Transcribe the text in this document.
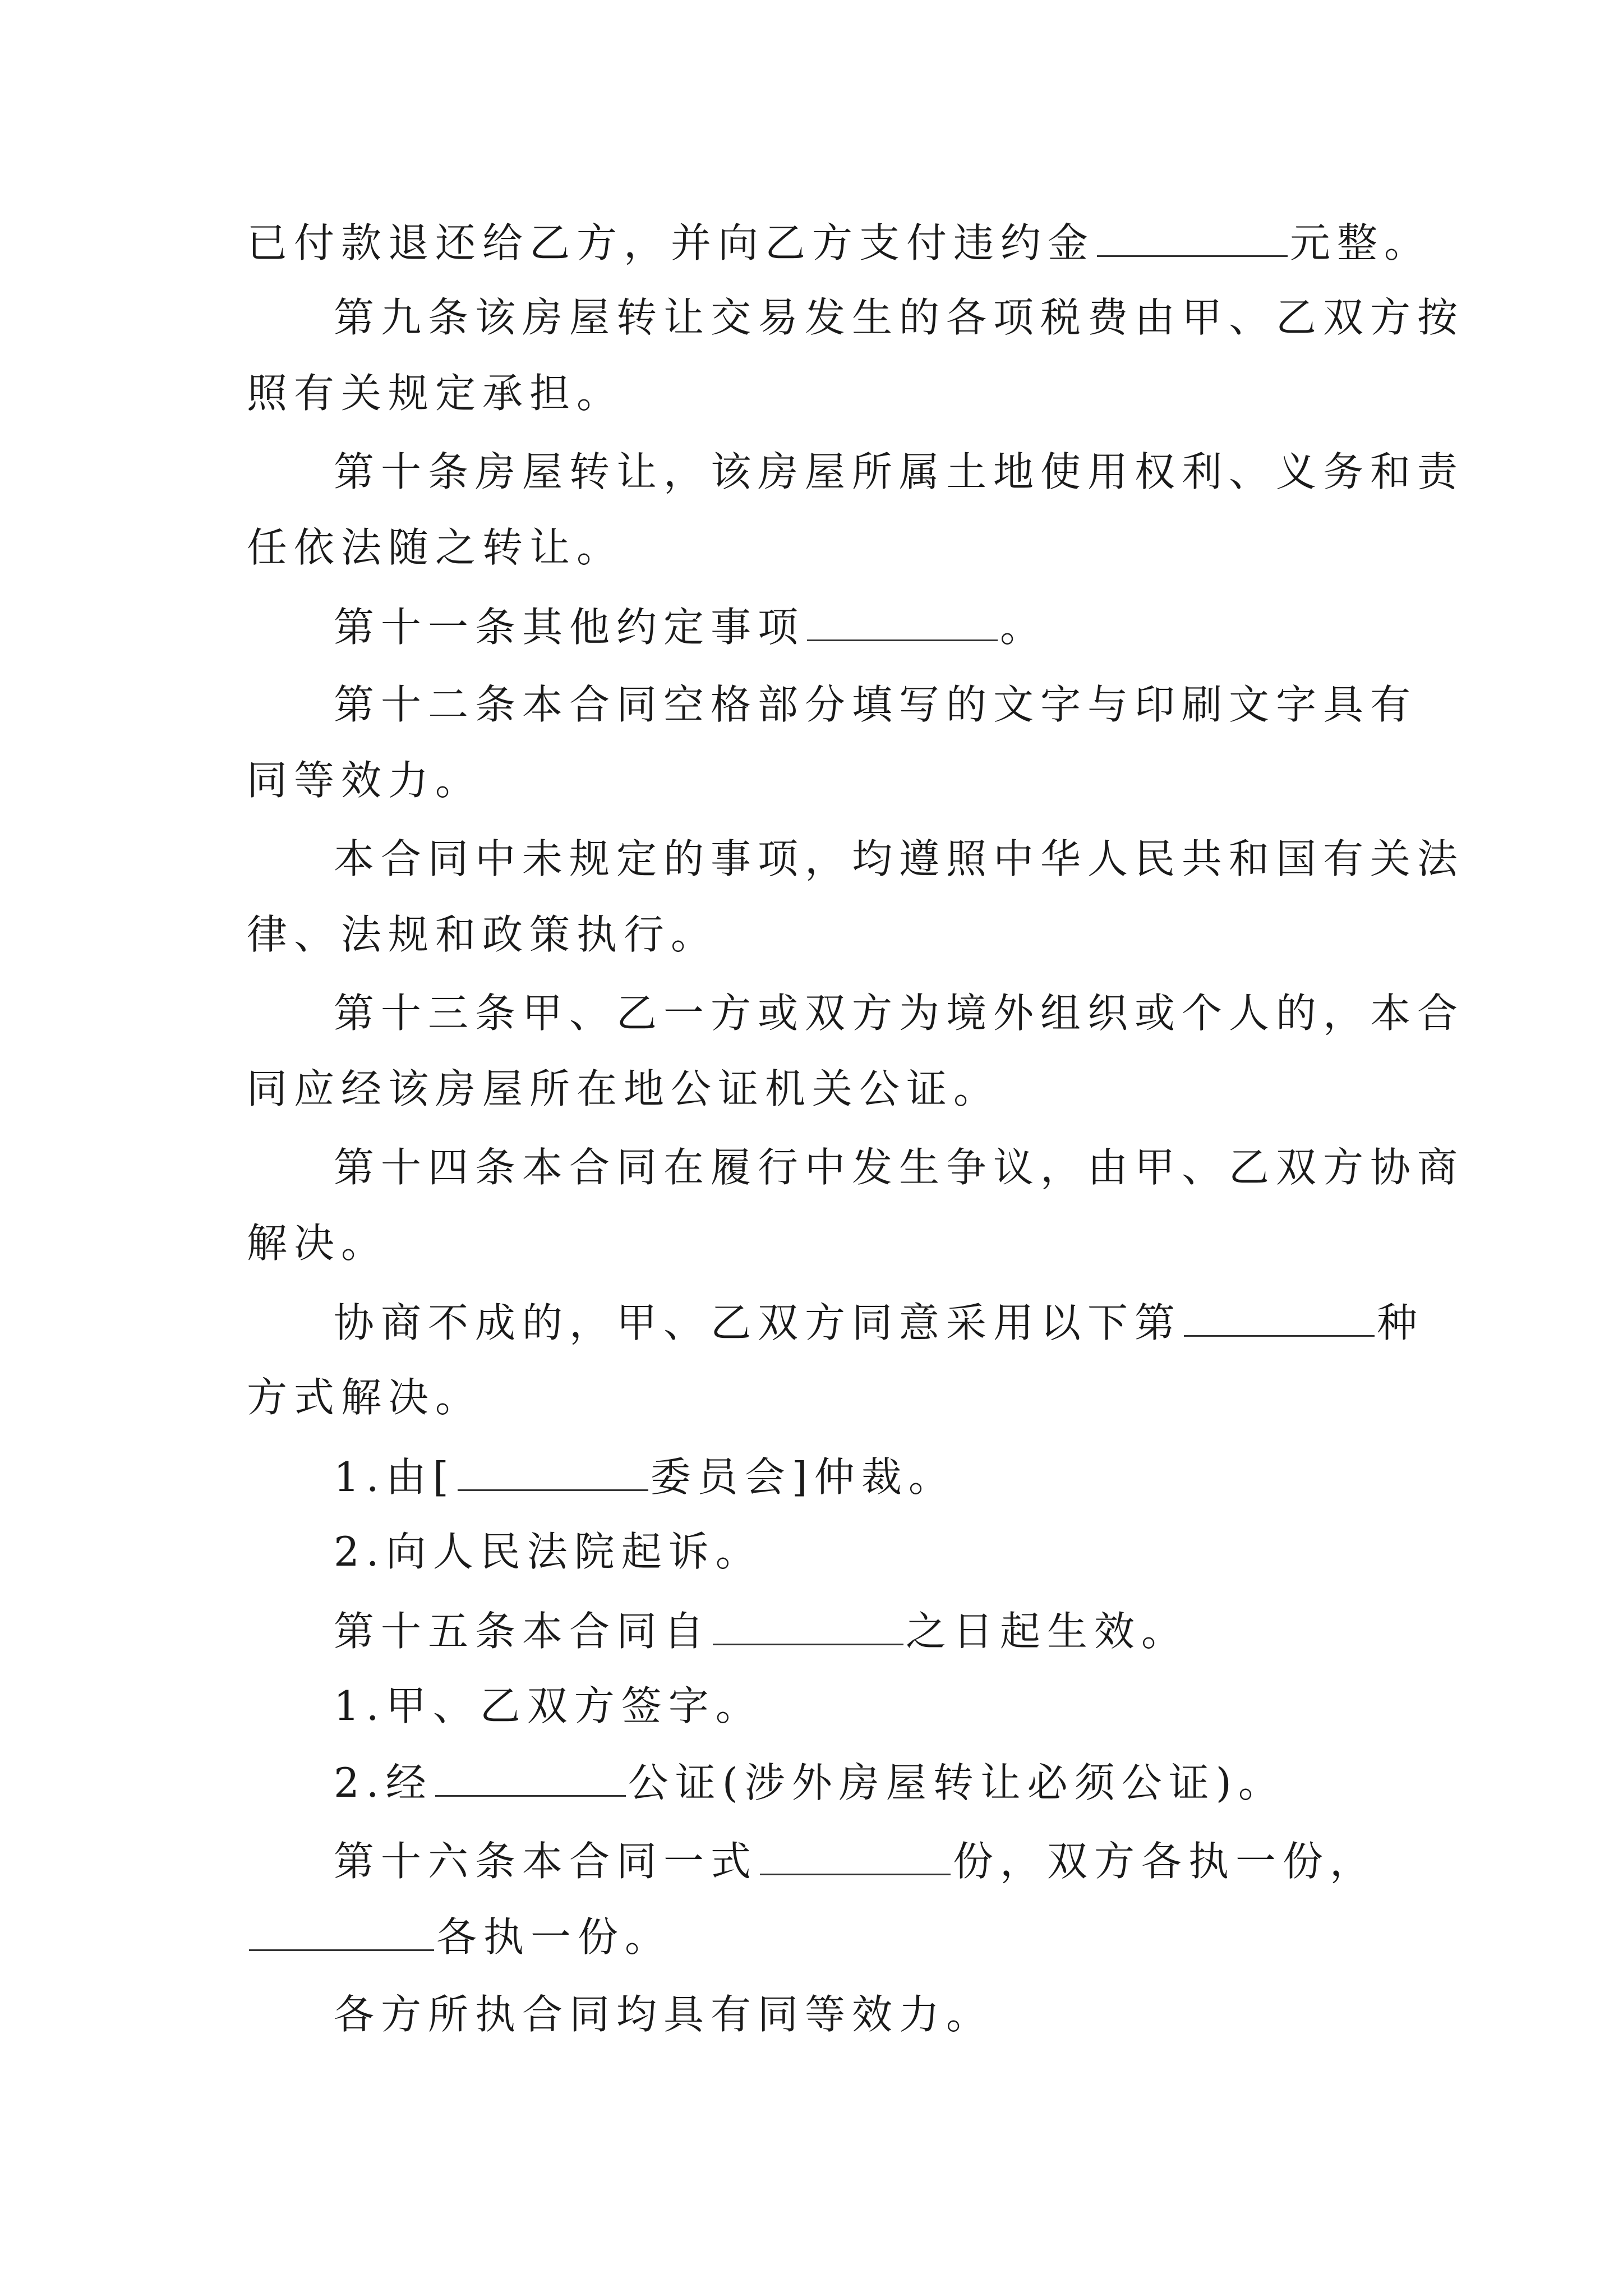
已付款退还给乙方，并向乙方支付违约金	元整。
第九条该房屋转让交易发生的各项税费由甲、乙双方按
照有关规定承担。
第十条房屋转让，该房屋所属土地使用权利、义务和责
任依法随之转让。
第十一条其他约定事项	。
第十二条本合同空格部分填写的文字与印刷文字具有
同等效力。
本合同中未规定的事项，均遵照中华人民共和国有关法
律、法规和政策执行。
第十三条甲、乙一方或双方为境外组织或个人的，本合
同应经该房屋所在地公证机关公证。
第十四条本合同在履行中发生争议，由甲、乙双方协商
解决。
协商不成的，甲、乙双方同意采用以下第	种
方式解决。
1.由[	委员会]仲裁。
2.向人民法院起诉。
第十五条本合同自	之日起生效。
1.甲、乙双方签字。
2.经	公证(涉外房屋转让必须公证)。
第十六条本合同一式	份，双方各执一份，
各执一份。
各方所执合同均具有同等效力。
